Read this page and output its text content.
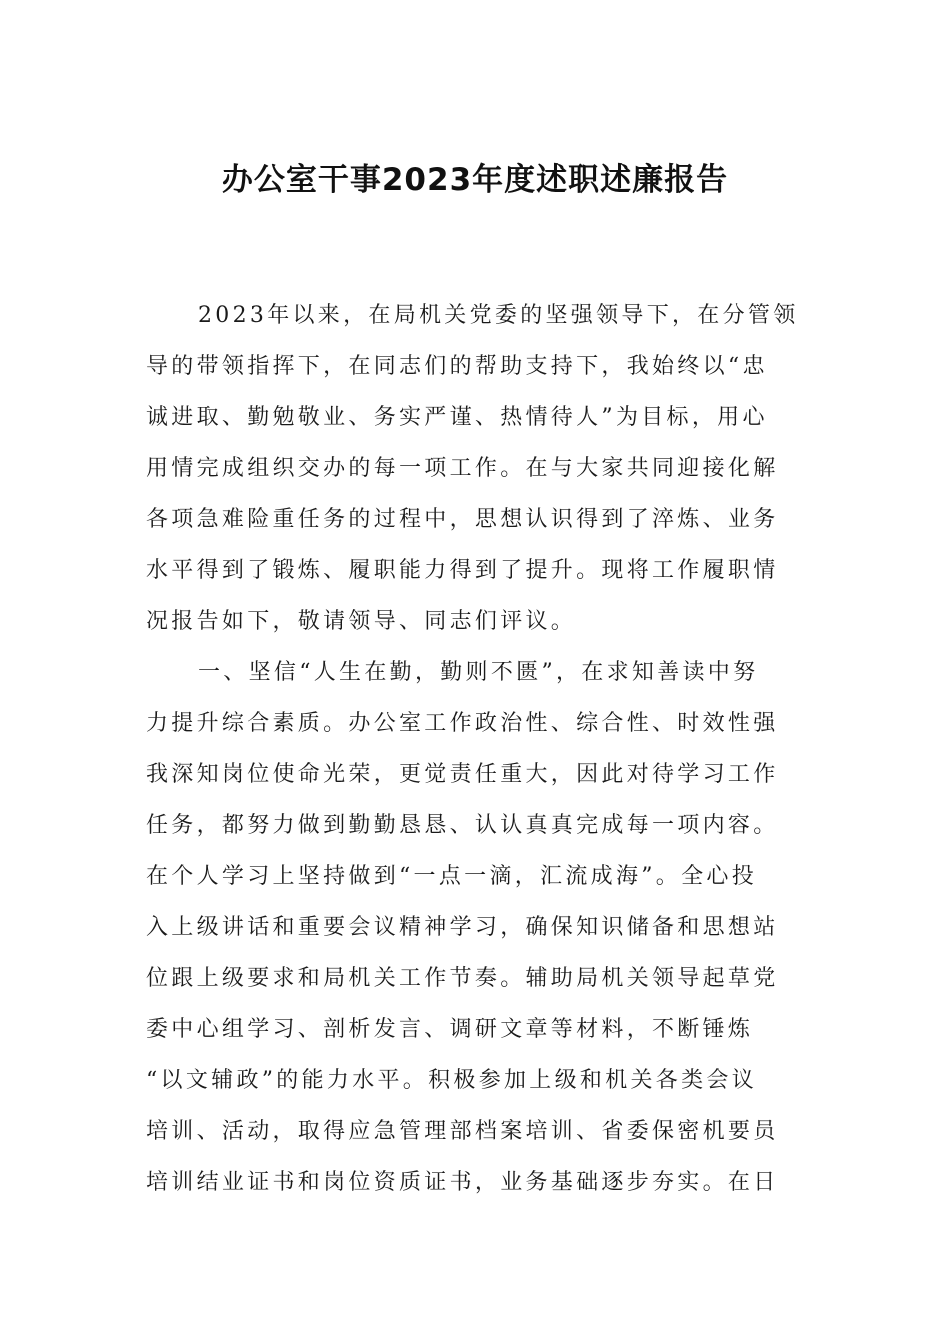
办公室干事2023年度述职述廉报告
2023年以来，在局机关党委的坚强领导下，在分管领
导的带领指挥下，在同志们的帮助支持下，我始终以“忠
诚进取、勤勉敬业、务实严谨、热情待人”为目标，用心
用情完成组织交办的每一项工作。在与大家共同迎接化解
各项急难险重任务的过程中，思想认识得到了淬炼、业务
水平得到了锻炼、履职能力得到了提升。现将工作履职情
况报告如下，敬请领导、同志们评议。
一、坚信“人生在勤，勤则不匮”，在求知善读中努
力提升综合素质。办公室工作政治性、综合性、时效性强
我深知岗位使命光荣，更觉责任重大，因此对待学习工作
任务，都努力做到勤勤恳恳、认认真真完成每一项内容。
在个人学习上坚持做到“一点一滴，汇流成海”。全心投
入上级讲话和重要会议精神学习，确保知识储备和思想站
位跟上级要求和局机关工作节奏。辅助局机关领导起草党
委中心组学习、剖析发言、调研文章等材料，不断锤炼
“以文辅政”的能力水平。积极参加上级和机关各类会议
培训、活动，取得应急管理部档案培训、省委保密机要员
培训结业证书和岗位资质证书，业务基础逐步夯实。在日
